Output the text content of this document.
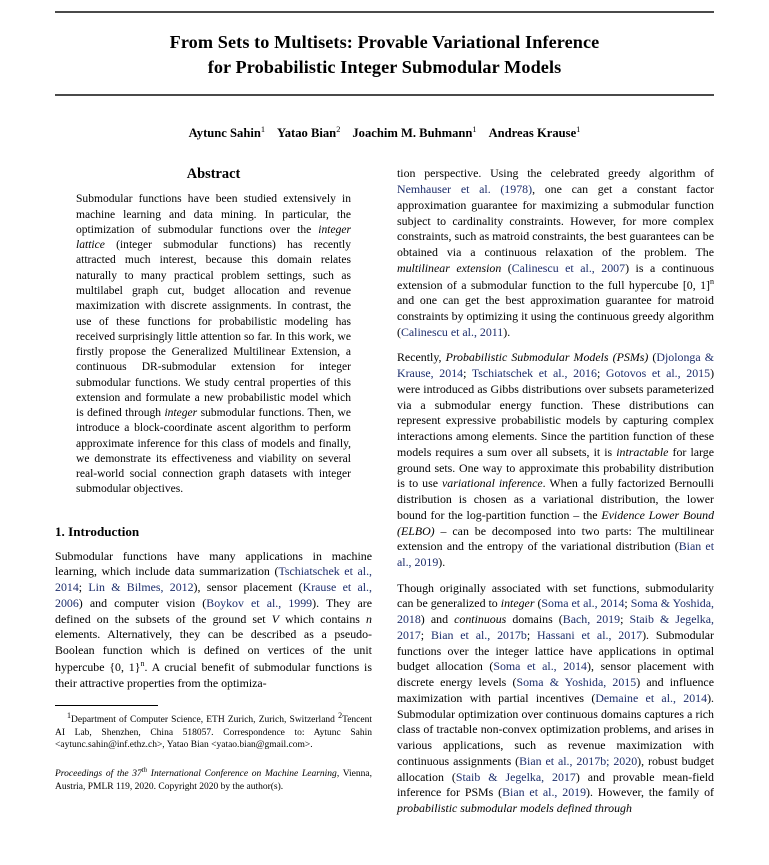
From Sets to Multisets: Provable Variational Inference
for Probabilistic Integer Submodular Models
Aytunc Sahin$^1$ Yatao Bian$^2$ Joachim M. Buhmann$^1$ Andreas Krause$^1$
Abstract
Submodular functions have been studied extensively in machine learning and data mining. In particular, the optimization of submodular functions over the integer lattice (integer submodular functions) has recently attracted much interest, because this domain relates naturally to many practical problem settings, such as multilabel graph cut, budget allocation and revenue maximization with discrete assignments. In contrast, the use of these functions for probabilistic modeling has received surprisingly little attention so far. In this work, we firstly propose the Generalized Multilinear Extension, a continuous DR-submodular extension for integer submodular functions. We study central properties of this extension and formulate a new probabilistic model which is defined through integer submodular functions. Then, we introduce a block-coordinate ascent algorithm to perform approximate inference for this class of models and finally, we demonstrate its effectiveness and viability on several real-world social connection graph datasets with integer submodular objectives.
1. Introduction

Submodular functions have many applications in machine learning, which include data summarization (Tschiatschek et al., 2014; Lin & Bilmes, 2012), sensor placement (Krause et al., 2006) and computer vision (Boykov et al., 1999). They are defined on the subsets of the ground set V which contains n elements. Alternatively, they can be described as a pseudo-Boolean function which is defined on vertices of the unit hypercube {0, 1}$^n$. A crucial benefit of submodular functions is their attractive properties from the optimiza-

$^1$Department of Computer Science, ETH Zurich, Zurich, Switzerland $^2$Tencent AI Lab, Shenzhen, China 518057. Correspondence to: Aytunc Sahin <aytunc.sahin@inf.ethz.ch>, Yatao Bian <yatao.bian@gmail.com>.

Proceedings of the 37th International Conference on Machine Learning, Vienna, Austria, PMLR 119, 2020. Copyright 2020 by the author(s).

tion perspective. Using the celebrated greedy algorithm of Nemhauser et al. (1978), one can get a constant factor approximation guarantee for maximizing a submodular function subject to cardinality constraints. However, for more complex constraints, such as matroid constraints, the best guarantees can be obtained via a continuous relaxation of the problem. The multilinear extension (Calinescu et al., 2007) is a continuous extension of a submodular function to the full hypercube [0, 1]$^n$ and one can get the best approximation guarantee for matroid constraints by optimizing it using the continuous greedy algorithm (Calinescu et al., 2011).

Recently, Probabilistic Submodular Models (PSMs) (Djolonga & Krause, 2014; Tschiatschek et al., 2016; Gotovos et al., 2015) were introduced as Gibbs distributions over subsets parameterized via a submodular energy function. These distributions can represent expressive probabilistic models by capturing complex interactions among elements. Since the partition function of these models requires a sum over all subsets, it is intractable for large ground sets. One way to approximate this probability distribution is to use variational inference. When a fully factorized Bernoulli distribution is chosen as a variational distribution, the lower bound for the log-partition function – the Evidence Lower Bound (ELBO) – can be decomposed into two parts: The multilinear extension and the entropy of the variational distribution (Bian et al., 2019).

Though originally associated with set functions, submodularity can be generalized to integer (Soma et al., 2014; Soma & Yoshida, 2018) and continuous domains (Bach, 2019; Staib & Jegelka, 2017; Bian et al., 2017b; Hassani et al., 2017). Submodular functions over the integer lattice have applications in optimal budget allocation (Soma et al., 2014), sensor placement with discrete energy levels (Soma & Yoshida, 2015) and influence maximization with partial incentives (Demaine et al., 2014). Submodular optimization over continuous domains captures a rich class of tractable non-convex optimization problems, and arises in various applications, such as revenue maximization with continuous assignments (Bian et al., 2017b; 2020), robust budget allocation (Staib & Jegelka, 2017) and provable mean-field inference for PSMs (Bian et al., 2019). However, the family of probabilistic submodular models defined through
